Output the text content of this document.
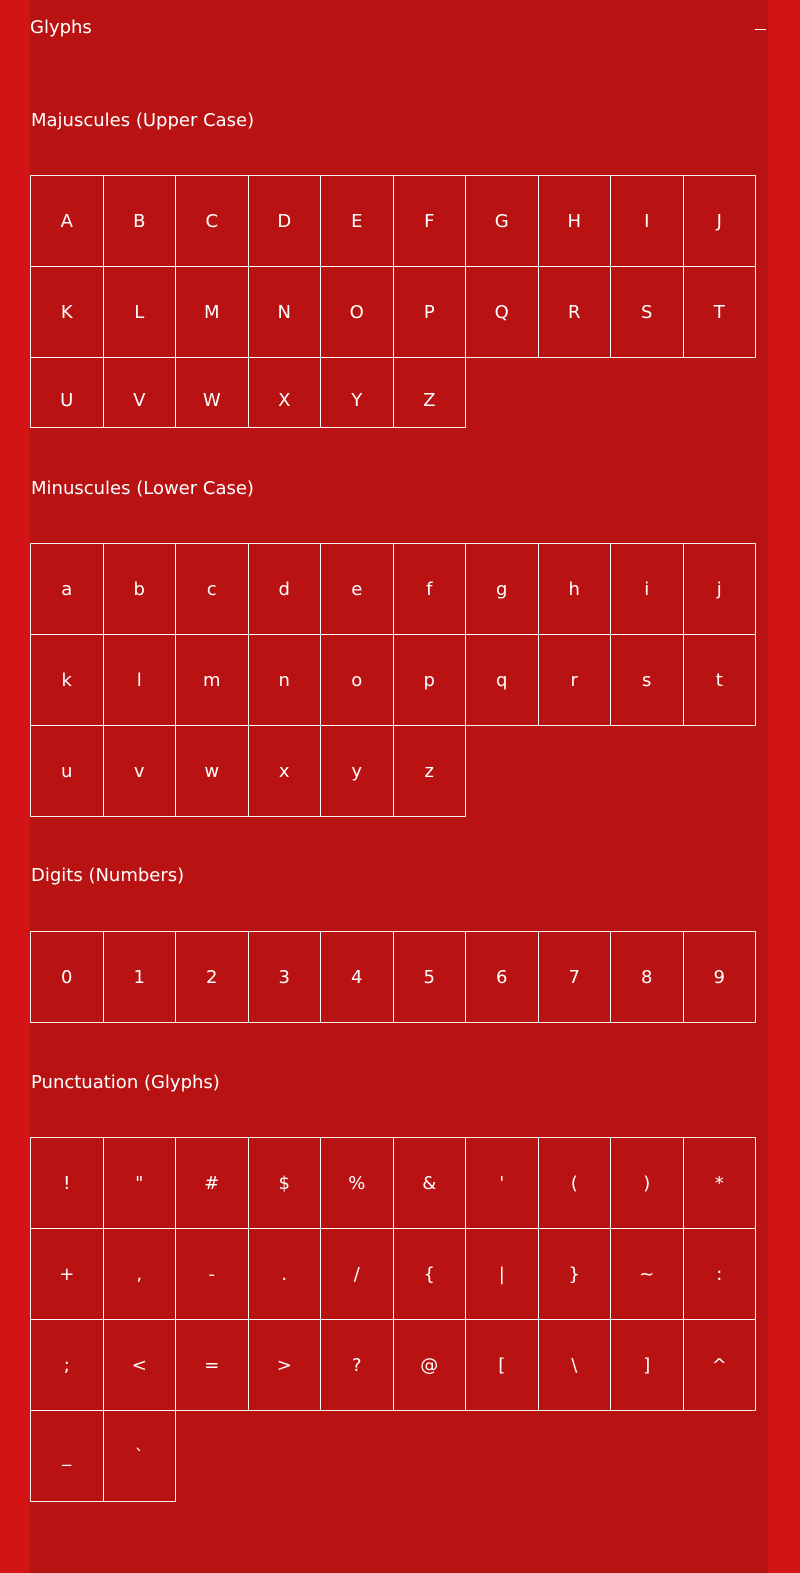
Glyphs
Majuscules (Upper Case)
A	B	C	D	E	F	G	H	I	J
K	L	M	N	O	P	Q	R	S	T
U	V	W	X	Y	Z
Minuscules (Lower Case)
a	b	c	d	e	f	g	h	i	j
k	l	m	n	o	p	q	r	s	t
u	v	w	x	y	z
Digits (Numbers)
0	1	2	3	4	5	6	7	8	9
Punctuation (Glyphs)
!	"	#	$	%	&	'	(	)	*
+	,	-	.	/	{	|	}	~	:
;	<	=	>	?	@	[	\	]	^
_	`
